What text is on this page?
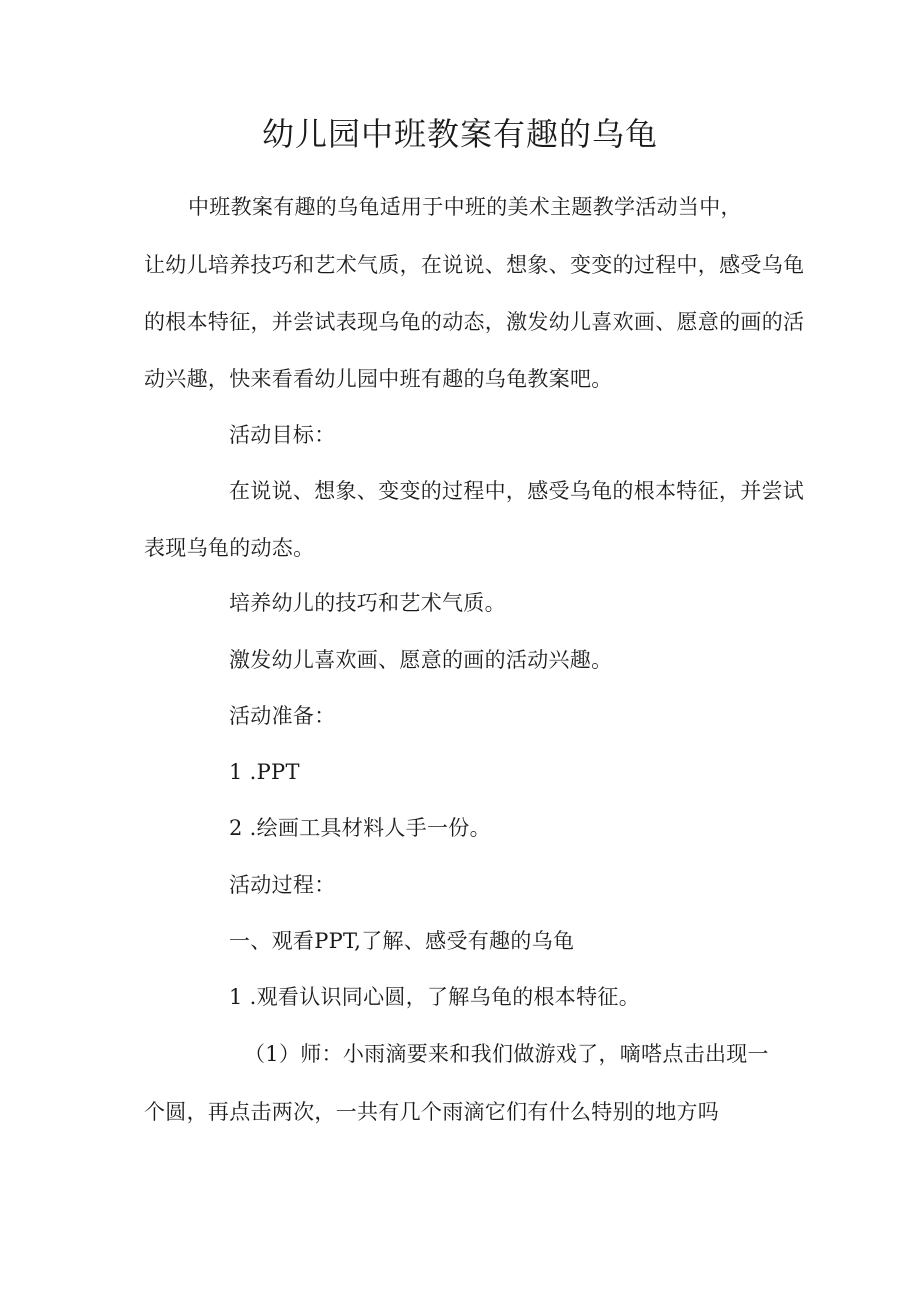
幼儿园中班教案有趣的乌龟
中班教案有趣的乌龟适用于中班的美术主题教学活动当中，
让幼儿培养技巧和艺术气质，在说说、想象、变变的过程中，感受乌龟
的根本特征，并尝试表现乌龟的动态，激发幼儿喜欢画、愿意的画的活
动兴趣，快来看看幼儿园中班有趣的乌龟教案吧。
活动目标：
在说说、想象、变变的过程中，感受乌龟的根本特征，并尝试
表现乌龟的动态。
培养幼儿的技巧和艺术气质。
激发幼儿喜欢画、愿意的画的活动兴趣。
活动准备：
1 .PPT
2 .绘画工具材料人手一份。
活动过程：
一、观看PPT,了解、感受有趣的乌龟
1 .观看认识同心圆，了解乌龟的根本特征。
（1）师：小雨滴要来和我们做游戏了，嘀嗒点击出现一
个圆，再点击两次，一共有几个雨滴它们有什么特别的地方吗
